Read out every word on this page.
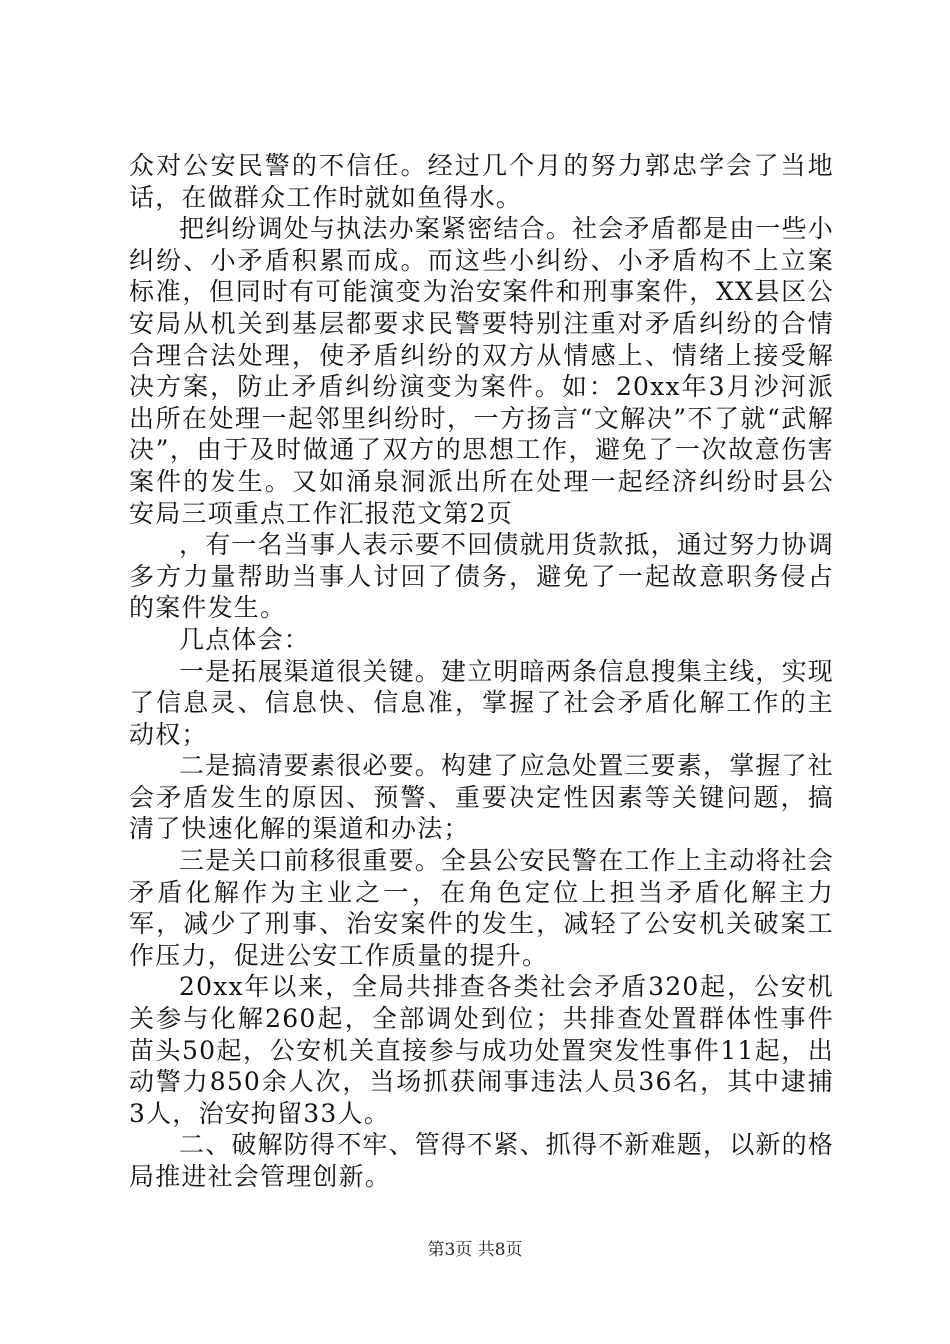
众对公安民警的不信任。经过几个月的努力郭忠学会了当地话，在做群众工作时就如鱼得水。

把纠纷调处与执法办案紧密结合。社会矛盾都是由一些小纠纷、小矛盾积累而成。而这些小纠纷、小矛盾构不上立案标准，但同时有可能演变为治安案件和刑事案件，XX县区公安局从机关到基层都要求民警要特别注重对矛盾纠纷的合情合理合法处理，使矛盾纠纷的双方从情感上、情绪上接受解决方案，防止矛盾纠纷演变为案件。如：20xx年3月沙河派出所在处理一起邻里纠纷时，一方扬言“文解决”不了就“武解决”，由于及时做通了双方的思想工作，避免了一次故意伤害案件的发生。又如涌泉洞派出所在处理一起经济纠纷时县公安局三项重点工作汇报范文第2页

，有一名当事人表示要不回债就用货款抵，通过努力协调多方力量帮助当事人讨回了债务，避免了一起故意职务侵占的案件发生。

几点体会：

一是拓展渠道很关键。建立明暗两条信息搜集主线，实现了信息灵、信息快、信息准，掌握了社会矛盾化解工作的主动权；

二是搞清要素很必要。构建了应急处置三要素，掌握了社会矛盾发生的原因、预警、重要决定性因素等关键问题，搞清了快速化解的渠道和办法；

三是关口前移很重要。全县公安民警在工作上主动将社会矛盾化解作为主业之一，在角色定位上担当矛盾化解主力军，减少了刑事、治安案件的发生，减轻了公安机关破案工作压力，促进公安工作质量的提升。

20xx年以来，全局共排查各类社会矛盾320起，公安机关参与化解260起，全部调处到位；共排查处置群体性事件苗头50起，公安机关直接参与成功处置突发性事件11起，出动警力850余人次，当场抓获闹事违法人员36名，其中逮捕3人，治安拘留33人。

二、破解防得不牢、管得不紧、抓得不新难题，以新的格局推进社会管理创新。

第3页 共8页
